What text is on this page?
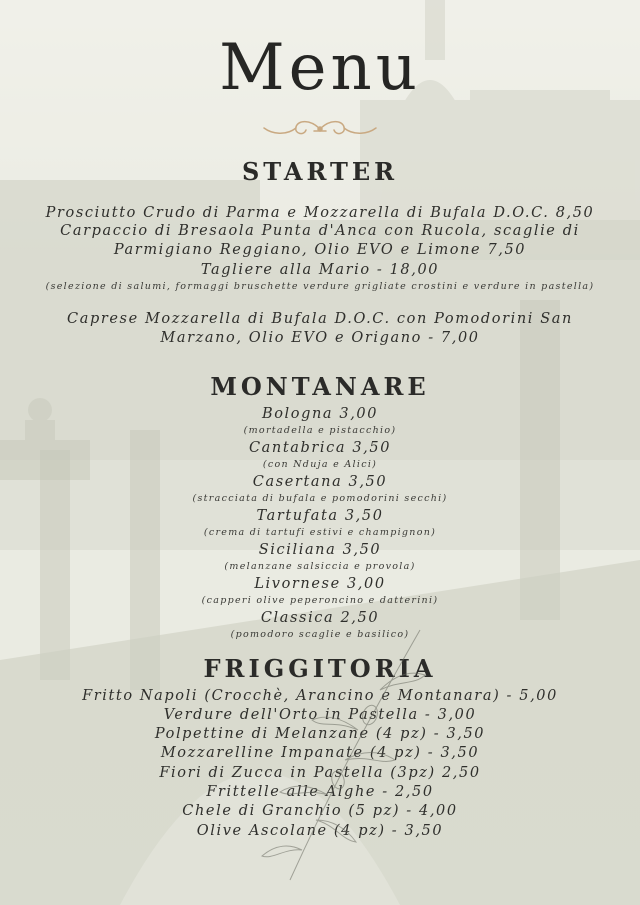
Menu
STARTER
Prosciutto Crudo di Parma e Mozzarella di Bufala D.O.C. 8,50
Carpaccio di Bresaola Punta d'Anca con Rucola, scaglie di Parmigiano Reggiano, Olio EVO e Limone 7,50
Tagliere alla Mario - 18,00
(selezione di salumi, formaggi bruschette verdure grigliate crostini e verdure in pastella)
Caprese Mozzarella di Bufala D.O.C. con Pomodorini San Marzano, Olio EVO e Origano - 7,00
MONTANARE
Bologna 3,00
(mortadella e pistacchio)
Cantabrica 3,50
(con Nduja e Alici)
Casertana 3,50
(stracciata di bufala e pomodorini secchi)
Tartufata 3,50
(crema di tartufi estivi e champignon)
Siciliana 3,50
(melanzane salsiccia e provola)
Livornese 3,00
(capperi olive peperoncino e datterini)
Classica 2,50
(pomodoro scaglie e basilico)
FRIGGITORIA
Fritto Napoli (Crocchè, Arancino e Montanara) - 5,00
Verdure dell'Orto in Pastella - 3,00
Polpettine di Melanzane (4 pz) - 3,50
Mozzarelline Impanate (4 pz) - 3,50
Fiori di Zucca in Pastella (3pz) 2,50
Frittelle alle Alghe - 2,50
Chele di Granchio (5 pz) - 4,00
Olive Ascolane (4 pz) - 3,50
